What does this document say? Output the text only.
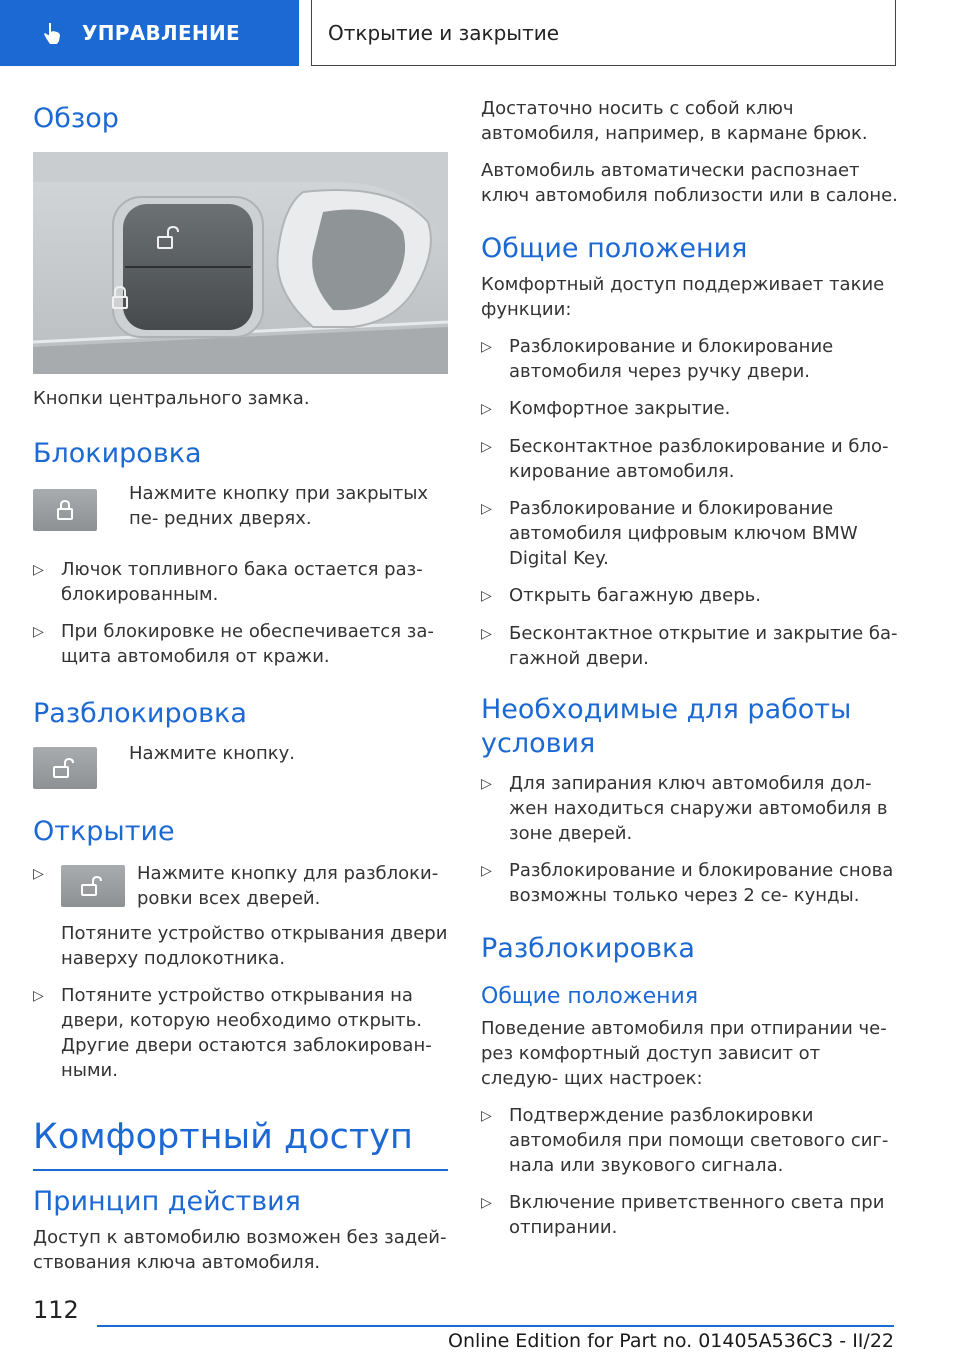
УПРАВЛЕНИЕ	Открытие и закрытие
Обзор
Кнопки центрального замка.
Блокировка
Нажмите кнопку при закрытых пе- редних дверях.
▷ Лючок топливного бака остается раз- блокированным.
▷ При блокировке не обеспечивается за- щита автомобиля от кражи.
Разблокировка
Нажмите кнопку.
Открытие
▷	Нажмите кнопку для разблоки- ровки всех дверей.
Потяните устройство открывания двери наверху подлокотника.
▷ Потяните устройство открывания на двери, которую необходимо открыть. Другие двери остаются заблокирован- ными.
Комфортный доступ
Принцип действия
Доступ к автомобилю возможен без задей- ствования ключа автомобиля.
Достаточно носить с собой ключ автомобиля, например, в кармане брюк.
Автомобиль автоматически распознает ключ автомобиля поблизости или в салоне.
Общие положения
Комфортный доступ поддерживает такие функции:
▷ Разблокирование и блокирование автомобиля через ручку двери.
▷ Комфортное закрытие.
▷ Бесконтактное разблокирование и бло- кирование автомобиля.
▷ Разблокирование и блокирование автомобиля цифровым ключом BMW Digital Key.
▷ Открыть багажную дверь.
▷ Бесконтактное открытие и закрытие ба- гажной двери.
Необходимые для работы
условия
▷ Для запирания ключ автомобиля дол- жен находиться снаружи автомобиля в зоне дверей.
▷ Разблокирование и блокирование снова возможны только через 2 се- кунды.
Разблокировка
Общие положения
Поведение автомобиля при отпирании че- рез комфортный доступ зависит от следую- щих настроек:
▷ Подтверждение разблокировки автомобиля при помощи светового сиг- нала или звукового сигнала.
▷ Включение приветственного света при отпирании.
112
Online Edition for Part no. 01405A536C3 - II/22
